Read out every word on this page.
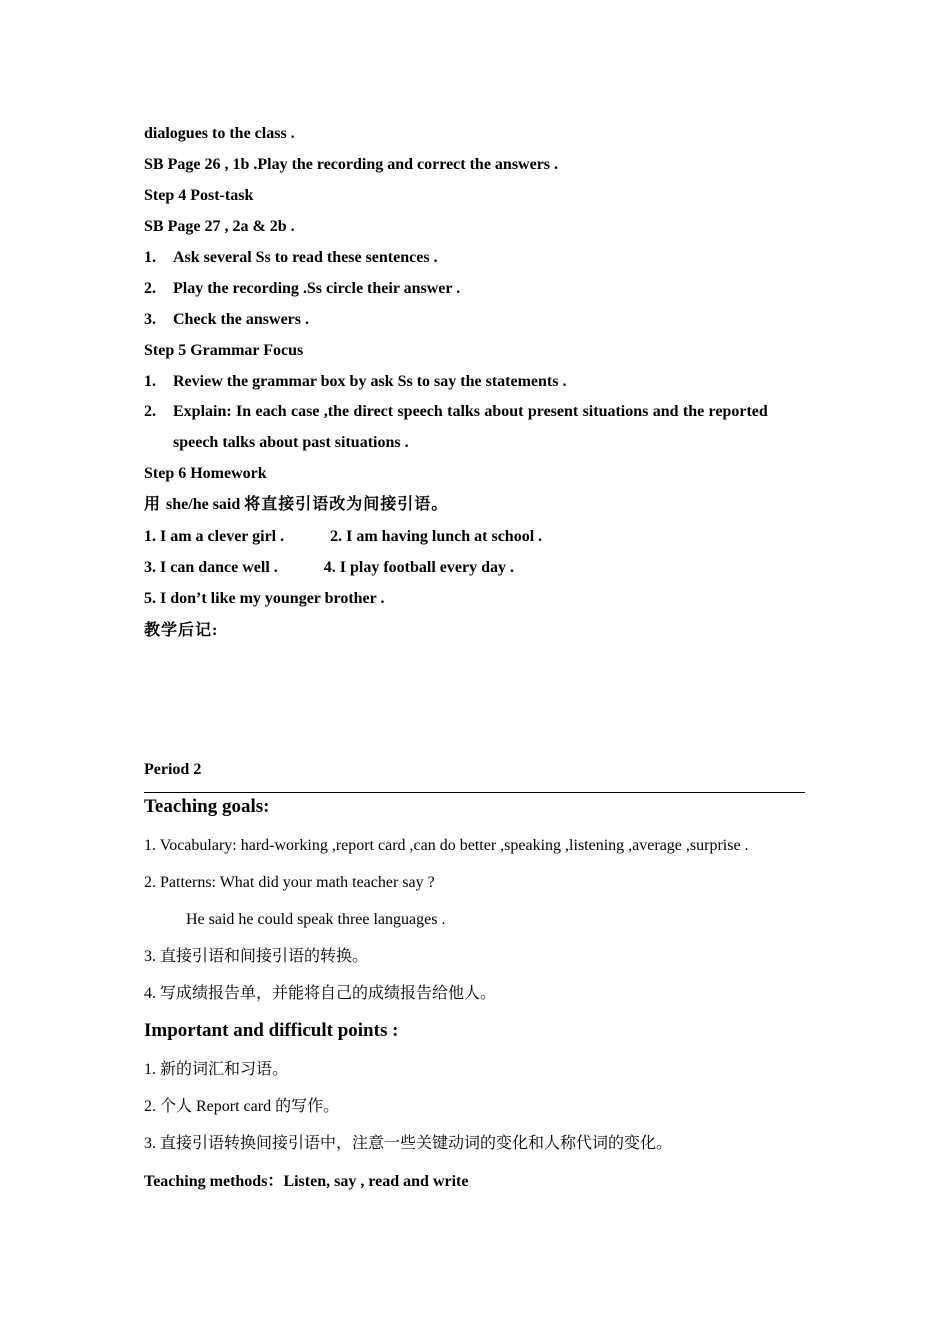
dialogues to the class .
SB Page 26 , 1b .Play the recording and correct the answers .
Step 4 Post-task
SB Page 27 , 2a & 2b .
1. Ask several Ss to read these sentences .
2. Play the recording .Ss circle their answer .
3. Check the answers .
Step 5 Grammar Focus
1. Review the grammar box by ask Ss to say the statements .
2. Explain: In each case ,the direct speech talks about present situations and the reported
speech talks about past situations .
Step 6 Homework
用 she/he said 将直接引语改为间接引语。
1. I am a clever girl .	2. I am having lunch at school .
3. I can dance well .	4. I play football every day .
5. I don’t like my younger brother .
教学后记:
Period 2
Teaching goals:
1. Vocabulary: hard-working ,report card ,can do better ,speaking ,listening ,average ,surprise .
2. Patterns: What did your math teacher say ?
He said he could speak three languages .
3. 直接引语和间接引语的转换。
4. 写成绩报告单，并能将自己的成绩报告给他人。
Important and difficult points :
1. 新的词汇和习语。
2. 个人 Report card 的写作。
3. 直接引语转换间接引语中，注意一些关键动词的变化和人称代词的变化。
Teaching methods：Listen, say , read and write
